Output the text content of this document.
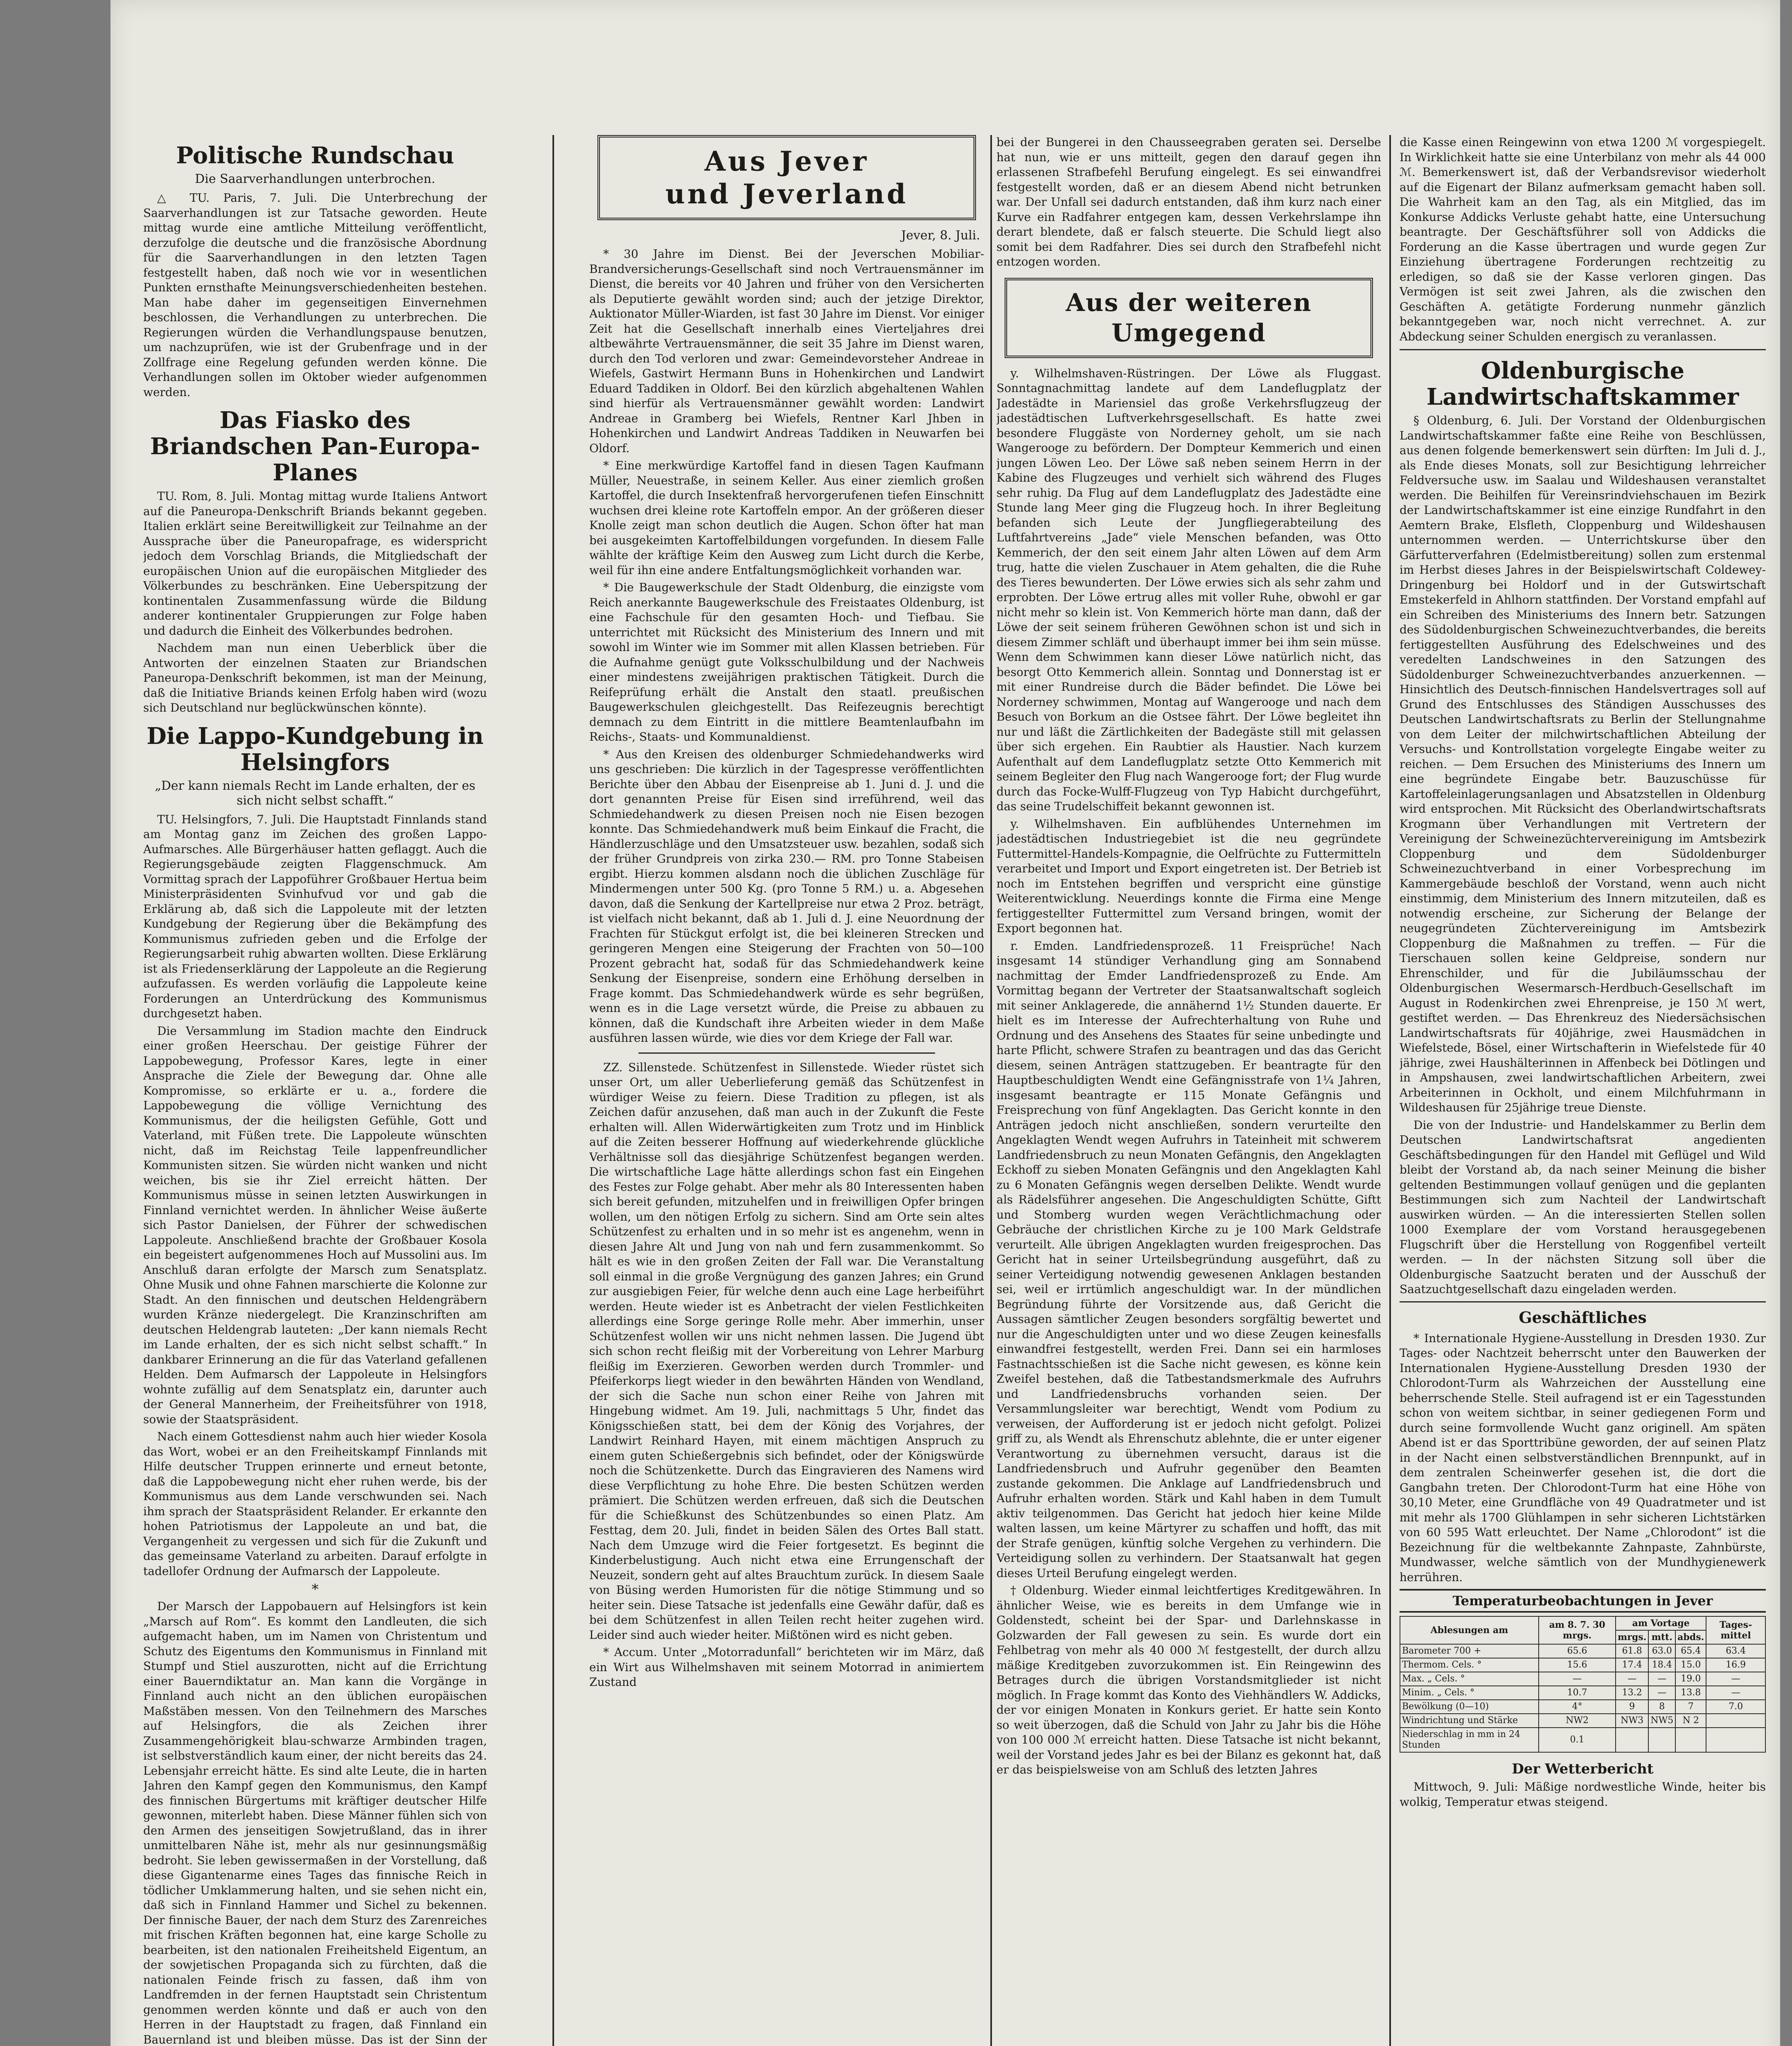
Politische Rundschau
Die Saarverhandlungen unterbrochen.

△ TU. Paris, 7. Juli. Die Unterbrechung der Saarverhandlungen ist zur Tatsache geworden. Heute mittag wurde eine amtliche Mitteilung veröffentlicht, derzufolge die deutsche und die französische Abordnung für die Saarverhandlungen in den letzten Tagen festgestellt haben, daß noch wie vor in wesentlichen Punkten ernsthafte Meinungsverschiedenheiten bestehen. Man habe daher im gegenseitigen Einvernehmen beschlossen, die Verhandlungen zu unterbrechen. Die Regierungen würden die Verhandlungspause benutzen, um nachzuprüfen, wie ist der Grubenfrage und in der Zollfrage eine Regelung gefunden werden könne. Die Verhandlungen sollen im Oktober wieder aufgenommen werden.

Das Fiasko des Briandschen Pan-Europa-Planes

TU. Rom, 8. Juli. Montag mittag wurde Italiens Antwort auf die Paneuropa-Denkschrift Briands bekannt gegeben. Italien erklärt seine Bereitwilligkeit zur Teilnahme an der Aussprache über die Paneuropafrage, es widerspricht jedoch dem Vorschlag Briands, die Mitgliedschaft der europäischen Union auf die europäischen Mitglieder des Völkerbundes zu beschränken. Eine Ueberspitzung der kontinentalen Zusammenfassung würde die Bildung anderer kontinentaler Gruppierungen zur Folge haben und dadurch die Einheit des Völkerbundes bedrohen.

Nachdem man nun einen Ueberblick über die Antworten der einzelnen Staaten zur Briandschen Paneuropa-Denkschrift bekommen, ist man der Meinung, daß die Initiative Briands keinen Erfolg haben wird (wozu sich Deutschland nur beglückwünschen könnte).

Die Lappo-Kundgebung in Helsingfors
„Der kann niemals Recht im Lande erhalten, der es sich nicht selbst schafft.“

TU. Helsingfors, 7. Juli. Die Hauptstadt Finnlands stand am Montag ganz im Zeichen des großen Lappo-Aufmarsches. Alle Bürgerhäuser hatten geflaggt. Auch die Regierungsgebäude zeigten Flaggenschmuck. Am Vormittag sprach der Lappoführer Großbauer Hertua beim Ministerpräsidenten Svinhufvud vor und gab die Erklärung ab, daß sich die Lappoleute mit der letzten Kundgebung der Regierung über die Bekämpfung des Kommunismus zufrieden geben und die Erfolge der Regierungsarbeit ruhig abwarten wollten. Diese Erklärung ist als Friedenserklärung der Lappoleute an die Regierung aufzufassen. Es werden vorläufig die Lappoleute keine Forderungen an Unterdrückung des Kommunismus durchgesetzt haben.

Die Versammlung im Stadion machte den Eindruck einer großen Heerschau. Der geistige Führer der Lappobewegung, Professor Kares, legte in einer Ansprache die Ziele der Bewegung dar. Ohne alle Kompromisse, so erklärte er u. a., fordere die Lappobewegung die völlige Vernichtung des Kommunismus, der die heiligsten Gefühle, Gott und Vaterland, mit Füßen trete. Die Lappoleute wünschten nicht, daß im Reichstag Teile lappenfreundlicher Kommunisten sitzen. Sie würden nicht wanken und nicht weichen, bis sie ihr Ziel erreicht hätten. Der Kommunismus müsse in seinen letzten Auswirkungen in Finnland vernichtet werden. In ähnlicher Weise äußerte sich Pastor Danielsen, der Führer der schwedischen Lappoleute. Anschließend brachte der Großbauer Kosola ein begeistert aufgenommenes Hoch auf Mussolini aus. Im Anschluß daran erfolgte der Marsch zum Senatsplatz. Ohne Musik und ohne Fahnen marschierte die Kolonne zur Stadt. An den finnischen und deutschen Heldengräbern wurden Kränze niedergelegt. Die Kranzinschriften am deutschen Heldengrab lauteten: „Der kann niemals Recht im Lande erhalten, der es sich nicht selbst schafft.“ In dankbarer Erinnerung an die für das Vaterland gefallenen Helden. Dem Aufmarsch der Lappoleute in Helsingfors wohnte zufällig auf dem Senatsplatz ein, darunter auch der General Mannerheim, der Freiheitsführer von 1918, sowie der Staatspräsident.

Nach einem Gottesdienst nahm auch hier wieder Kosola das Wort, wobei er an den Freiheitskampf Finnlands mit Hilfe deutscher Truppen erinnerte und erneut betonte, daß die Lappobewegung nicht eher ruhen werde, bis der Kommunismus aus dem Lande verschwunden sei. Nach ihm sprach der Staatspräsident Relander. Er erkannte den hohen Patriotismus der Lappoleute an und bat, die Vergangenheit zu vergessen und sich für die Zukunft und das gemeinsame Vaterland zu arbeiten. Darauf erfolgte in tadellofer Ordnung der Aufmarsch der Lappoleute.

*

Der Marsch der Lappobauern auf Helsingfors ist kein „Marsch auf Rom“. Es kommt den Landleuten, die sich aufgemacht haben, um im Namen von Christentum und Schutz des Eigentums den Kommunismus in Finnland mit Stumpf und Stiel auszurotten, nicht auf die Errichtung einer Bauerndiktatur an. Man kann die Vorgänge in Finnland auch nicht an den üblichen europäischen Maßstäben messen. Von den Teilnehmern des Marsches auf Helsingfors, die als Zeichen ihrer Zusammengehörigkeit blau-schwarze Armbinden tragen, ist selbstverständlich kaum einer, der nicht bereits das 24. Lebensjahr erreicht hätte. Es sind alte Leute, die in harten Jahren den Kampf gegen den Kommunismus, den Kampf des finnischen Bürgertums mit kräftiger deutscher Hilfe gewonnen, miterlebt haben. Diese Männer fühlen sich von den Armen des jenseitigen Sowjetrußland, das in ihrer unmittelbaren Nähe ist, mehr als nur gesinnungsmäßig bedroht. Sie leben gewissermaßen in der Vorstellung, daß diese Gigantenarme eines Tages das finnische Reich in tödlicher Umklammerung halten, und sie sehen nicht ein, daß sich in Finnland Hammer und Sichel zu bekennen. Der finnische Bauer, der nach dem Sturz des Zarenreiches mit frischen Kräften begonnen hat, eine karge Scholle zu bearbeiten, ist den nationalen Freiheitsheld Eigentum, an der sowjetischen Propaganda sich zu fürchten, daß die nationalen Feinde frisch zu fassen, daß ihm von Landfremden in der fernen Hauptstadt sein Christentum genommen werden könnte und daß er auch von den Herren in der Hauptstadt zu fragen, daß Finnland ein Bauernland ist und bleiben müsse. Das ist der Sinn der

Aus Jever
und Jeverland
Jever, 8. Juli.

* 30 Jahre im Dienst. Bei der Jeverschen Mobiliar-Brandversicherungs-Gesellschaft sind noch Vertrauensmänner im Dienst, die bereits vor 40 Jahren und früher von den Versicherten als Deputierte gewählt worden sind; auch der jetzige Direktor, Auktionator Müller-Wiarden, ist fast 30 Jahre im Dienst. Vor einiger Zeit hat die Gesellschaft innerhalb eines Vierteljahres drei altbewährte Vertrauensmänner, die seit 35 Jahre im Dienst waren, durch den Tod verloren und zwar: Gemeindevorsteher Andreae in Wiefels, Gastwirt Hermann Buns in Hohenkirchen und Landwirt Eduard Taddiken in Oldorf. Bei den kürzlich abgehaltenen Wahlen sind hierfür als Vertrauensmänner gewählt worden: Landwirt Andreae in Gramberg bei Wiefels, Rentner Karl Jhben in Hohenkirchen und Landwirt Andreas Taddiken in Neuwarfen bei Oldorf.

* Eine merkwürdige Kartoffel fand in diesen Tagen Kaufmann Müller, Neuestraße, in seinem Keller. Aus einer ziemlich großen Kartoffel, die durch Insektenfraß hervorgerufenen tiefen Einschnitt wuchsen drei kleine rote Kartoffeln empor. An der größeren dieser Knolle zeigt man schon deutlich die Augen. Schon öfter hat man bei ausgekeimten Kartoffelbildungen vorgefunden. In diesem Falle wählte der kräftige Keim den Ausweg zum Licht durch die Kerbe, weil für ihn eine andere Entfaltungsmöglichkeit vorhanden war.

* Die Baugewerkschule der Stadt Oldenburg, die einzigste vom Reich anerkannte Baugewerkschule des Freistaates Oldenburg, ist eine Fachschule für den gesamten Hoch- und Tiefbau. Sie unterrichtet mit Rücksicht des Ministerium des Innern und mit sowohl im Winter wie im Sommer mit allen Klassen betrieben. Für die Aufnahme genügt gute Volksschulbildung und der Nachweis einer mindestens zweijährigen praktischen Tätigkeit. Durch die Reifeprüfung erhält die Anstalt den staatl. preußischen Baugewerkschulen gleichgestellt. Das Reifezeugnis berechtigt demnach zu dem Eintritt in die mittlere Beamtenlaufbahn im Reichs-, Staats- und Kommunaldienst.

* Aus den Kreisen des oldenburger Schmiedehandwerks wird uns geschrieben: Die kürzlich in der Tagespresse veröffentlichten Berichte über den Abbau der Eisenpreise ab 1. Juni d. J. und die dort genannten Preise für Eisen sind irreführend, weil das Schmiedehandwerk zu diesen Preisen noch nie Eisen bezogen konnte. Das Schmiedehandwerk muß beim Einkauf die Fracht, die Händlerzuschläge und den Umsatzsteuer usw. bezahlen, sodaß sich der früher Grundpreis von zirka 230.— RM. pro Tonne Stabeisen ergibt. Hierzu kommen alsdann noch die üblichen Zuschläge für Mindermengen unter 500 Kg. (pro Tonne 5 RM.) u. a. Abgesehen davon, daß die Senkung der Kartellpreise nur etwa 2 Proz. beträgt, ist vielfach nicht bekannt, daß ab 1. Juli d. J. eine Neuordnung der Frachten für Stückgut erfolgt ist, die bei kleineren Strecken und geringeren Mengen eine Steigerung der Frachten von 50—100 Prozent gebracht hat, sodaß für das Schmiedehandwerk keine Senkung der Eisenpreise, sondern eine Erhöhung derselben in Frage kommt. Das Schmiedehandwerk würde es sehr begrüßen, wenn es in die Lage versetzt würde, die Preise zu abbauen zu können, daß die Kundschaft ihre Arbeiten wieder in dem Maße ausführen lassen würde, wie dies vor dem Kriege der Fall war.

ZZ. Sillenstede. Schützenfest in Sillenstede. Wieder rüstet sich unser Ort, um aller Ueberlieferung gemäß das Schützenfest in würdiger Weise zu feiern. Diese Tradition zu pflegen, ist als Zeichen dafür anzusehen, daß man auch in der Zukunft die Feste erhalten will. Allen Widerwärtigkeiten zum Trotz und im Hinblick auf die Zeiten besserer Hoffnung auf wiederkehrende glückliche Verhältnisse soll das diesjährige Schützenfest begangen werden. Die wirtschaftliche Lage hätte allerdings schon fast ein Eingehen des Festes zur Folge gehabt. Aber mehr als 80 Interessenten haben sich bereit gefunden, mitzuhelfen und in freiwilligen Opfer bringen wollen, um den nötigen Erfolg zu sichern. Sind am Orte sein altes Schützenfest zu erhalten und in so mehr ist es angenehm, wenn in diesen Jahre Alt und Jung von nah und fern zusammenkommt. So hält es wie in den großen Zeiten der Fall war. Die Veranstaltung soll einmal in die große Vergnügung des ganzen Jahres; ein Grund zur ausgiebigen Feier, für welche denn auch eine Lage herbeiführt werden. Heute wieder ist es Anbetracht der vielen Festlichkeiten allerdings eine Sorge geringe Rolle mehr. Aber immerhin, unser Schützenfest wollen wir uns nicht nehmen lassen. Die Jugend übt sich schon recht fleißig mit der Vorbereitung von Lehrer Marburg fleißig im Exerzieren. Geworben werden durch Trommler- und Pfeiferkorps liegt wieder in den bewährten Händen von Wendland, der sich die Sache nun schon einer Reihe von Jahren mit Hingebung widmet. Am 19. Juli, nachmittags 5 Uhr, findet das Königsschießen statt, bei dem der König des Vorjahres, der Landwirt Reinhard Hayen, mit einem mächtigen Anspruch zu einem guten Schießergebnis sich befindet, oder der Königswürde noch die Schützenkette. Durch das Eingravieren des Namens wird diese Verpflichtung zu hohe Ehre. Die besten Schützen werden prämiert. Die Schützen werden erfreuen, daß sich die Deutschen für die Schießkunst des Schützenbundes so einen Platz. Am Festtag, dem 20. Juli, findet in beiden Sälen des Ortes Ball statt. Nach dem Umzuge wird die Feier fortgesetzt. Es beginnt die Kinderbelustigung. Auch nicht etwa eine Errungenschaft der Neuzeit, sondern geht auf altes Brauchtum zurück. In diesem Saale von Büsing werden Humoristen für die nötige Stimmung und so heiter sein. Diese Tatsache ist jedenfalls eine Gewähr dafür, daß es bei dem Schützenfest in allen Teilen recht heiter zugehen wird. Leider sind auch wieder heiter. Mißtönen wird es nicht geben.

* Accum. Unter „Motorradunfall“ berichteten wir im März, daß ein Wirt aus Wilhelmshaven mit seinem Motorrad in animiertem Zustand

bei der Bungerei in den Chausseegraben geraten sei. Derselbe hat nun, wie er uns mitteilt, gegen den darauf gegen ihn erlassenen Strafbefehl Berufung eingelegt. Es sei einwandfrei festgestellt worden, daß er an diesem Abend nicht betrunken war. Der Unfall sei dadurch entstanden, daß ihm kurz nach einer Kurve ein Radfahrer entgegen kam, dessen Verkehrslampe ihn derart blendete, daß er falsch steuerte. Die Schuld liegt also somit bei dem Radfahrer. Dies sei durch den Strafbefehl nicht entzogen worden.

Aus der weiteren
Umgegend

y. Wilhelmshaven-Rüstringen. Der Löwe als Fluggast. Sonntagnachmittag landete auf dem Landeflugplatz der Jadestädte in Mariensiel das große Verkehrsflugzeug der jadestädtischen Luftverkehrsgesellschaft. Es hatte zwei besondere Fluggäste von Norderney geholt, um sie nach Wangerooge zu befördern. Der Dompteur Kemmerich und einen jungen Löwen Leo. Der Löwe saß neben seinem Herrn in der Kabine des Flugzeuges und verhielt sich während des Fluges sehr ruhig. Da Flug auf dem Landeflugplatz des Jadestädte eine Stunde lang Meer ging die Flugzeug hoch. In ihrer Begleitung befanden sich Leute der Jungfliegerabteilung des Luftfahrtvereins „Jade“ viele Menschen befanden, was Otto Kemmerich, der den seit einem Jahr alten Löwen auf dem Arm trug, hatte die vielen Zuschauer in Atem gehalten, die die Ruhe des Tieres bewunderten. Der Löwe erwies sich als sehr zahm und erprobten. Der Löwe ertrug alles mit voller Ruhe, obwohl er gar nicht mehr so klein ist. Von Kemmerich hörte man dann, daß der Löwe der seit seinem früheren Gewöhnen schon ist und sich in diesem Zimmer schläft und überhaupt immer bei ihm sein müsse. Wenn dem Schwimmen kann dieser Löwe natürlich nicht, das besorgt Otto Kemmerich allein. Sonntag und Donnerstag ist er mit einer Rundreise durch die Bäder befindet. Die Löwe bei Norderney schwimmen, Montag auf Wangerooge und nach dem Besuch von Borkum an die Ostsee fährt. Der Löwe begleitet ihn nur und läßt die Zärtlichkeiten der Badegäste still mit gelassen über sich ergehen. Ein Raubtier als Haustier. Nach kurzem Aufenthalt auf dem Landeflugplatz setzte Otto Kemmerich mit seinem Begleiter den Flug nach Wangerooge fort; der Flug wurde durch das Focke-Wulff-Flugzeug von Typ Habicht durchgeführt, das seine Trudelschiffeit bekannt gewonnen ist.

y. Wilhelmshaven. Ein aufblühendes Unternehmen im jadestädtischen Industriegebiet ist die neu gegründete Futtermittel-Handels-Kompagnie, die Oelfrüchte zu Futtermitteln verarbeitet und Import und Export eingetreten ist. Der Betrieb ist noch im Entstehen begriffen und verspricht eine günstige Weiterentwicklung. Neuerdings konnte die Firma eine Menge fertiggestellter Futtermittel zum Versand bringen, womit der Export begonnen hat.

r. Emden. Landfriedensprozeß. 11 Freisprüche! Nach insgesamt 14 stündiger Verhandlung ging am Sonnabend nachmittag der Emder Landfriedensprozeß zu Ende. Am Vormittag begann der Vertreter der Staatsanwaltschaft sogleich mit seiner Anklagerede, die annähernd 1½ Stunden dauerte. Er hielt es im Interesse der Aufrechterhaltung von Ruhe und Ordnung und des Ansehens des Staates für seine unbedingte und harte Pflicht, schwere Strafen zu beantragen und das das Gericht diesem, seinen Anträgen stattzugeben. Er beantragte für den Hauptbeschuldigten Wendt eine Gefängnisstrafe von 1¼ Jahren, insgesamt beantragte er 115 Monate Gefängnis und Freisprechung von fünf Angeklagten. Das Gericht konnte in den Anträgen jedoch nicht anschließen, sondern verurteilte den Angeklagten Wendt wegen Aufruhrs in Tateinheit mit schwerem Landfriedensbruch zu neun Monaten Gefängnis, den Angeklagten Eckhoff zu sieben Monaten Gefängnis und den Angeklagten Kahl zu 6 Monaten Gefängnis wegen derselben Delikte. Wendt wurde als Rädelsführer angesehen. Die Angeschuldigten Schütte, Giftt und Stomberg wurden wegen Verächtlichmachung oder Gebräuche der christlichen Kirche zu je 100 Mark Geldstrafe verurteilt. Alle übrigen Angeklagten wurden freigesprochen. Das Gericht hat in seiner Urteilsbegründung ausgeführt, daß zu seiner Verteidigung notwendig gewesenen Anklagen bestanden sei, weil er irrtümlich angeschuldigt war. In der mündlichen Begründung führte der Vorsitzende aus, daß Gericht die Aussagen sämtlicher Zeugen besonders sorgfältig bewertet und nur die Angeschuldigten unter und wo diese Zeugen keinesfalls einwandfrei festgestellt, werden Frei. Dann sei ein harmloses Fastnachtsschießen ist die Sache nicht gewesen, es könne kein Zweifel bestehen, daß die Tatbestandsmerkmale des Aufruhrs und Landfriedensbruchs vorhanden seien. Der Versammlungsleiter war berechtigt, Wendt vom Podium zu verweisen, der Aufforderung ist er jedoch nicht gefolgt. Polizei griff zu, als Wendt als Ehrenschutz ablehnte, die er unter eigener Verantwortung zu übernehmen versucht, daraus ist die Landfriedensbruch und Aufruhr gegenüber den Beamten zustande gekommen. Die Anklage auf Landfriedensbruch und Aufruhr erhalten worden. Stärk und Kahl haben in dem Tumult aktiv teilgenommen. Das Gericht hat jedoch hier keine Milde walten lassen, um keine Märtyrer zu schaffen und hofft, das mit der Strafe genügen, künftig solche Vergehen zu verhindern. Die Verteidigung sollen zu verhindern. Der Staatsanwalt hat gegen dieses Urteil Berufung eingelegt werden.

† Oldenburg. Wieder einmal leichtfertiges Kreditgewähren. In ähnlicher Weise, wie es bereits in dem Umfange wie in Goldenstedt, scheint bei der Spar- und Darlehnskasse in Golzwarden der Fall gewesen zu sein. Es wurde dort ein Fehlbetrag von mehr als 40 000 ℳ festgestellt, der durch allzu mäßige Kreditgeben zuvorzukommen ist. Ein Reingewinn des Betrages durch die übrigen Vorstandsmitglieder ist nicht möglich. In Frage kommt das Konto des Viehhändlers W. Addicks, der vor einigen Monaten in Konkurs geriet. Er hatte sein Konto so weit überzogen, daß die Schuld von Jahr zu Jahr bis die Höhe von 100 000 ℳ erreicht hatten. Diese Tatsache ist nicht bekannt, weil der Vorstand jedes Jahr es bei der Bilanz es gekonnt hat, daß er das beispielsweise von am Schluß des letzten Jahres

die Kasse einen Reingewinn von etwa 1200 ℳ vorgespiegelt. In Wirklichkeit hatte sie eine Unterbilanz von mehr als 44 000 ℳ. Bemerkenswert ist, daß der Verbandsrevisor wiederholt auf die Eigenart der Bilanz aufmerksam gemacht haben soll. Die Wahrheit kam an den Tag, als ein Mitglied, das im Konkurse Addicks Verluste gehabt hatte, eine Untersuchung beantragte. Der Geschäftsführer soll von Addicks die Forderung an die Kasse übertragen und wurde gegen Zur Einziehung übertragene Forderungen rechtzeitig zu erledigen, so daß sie der Kasse verloren gingen. Das Vermögen ist seit zwei Jahren, als die zwischen den Geschäften A. getätigte Forderung nunmehr gänzlich bekanntgegeben war, noch nicht verrechnet. A. zur Abdeckung seiner Schulden energisch zu veranlassen.

Oldenburgische Landwirtschaftskammer

§ Oldenburg, 6. Juli. Der Vorstand der Oldenburgischen Landwirtschaftskammer faßte eine Reihe von Beschlüssen, aus denen folgende bemerkenswert sein dürften: Im Juli d. J., als Ende dieses Monats, soll zur Besichtigung lehrreicher Feldversuche usw. im Saalau und Wildeshausen veranstaltet werden. Die Beihilfen für Vereinsrindviehschauen im Bezirk der Landwirtschaftskammer ist eine einzige Rundfahrt in den Aemtern Brake, Elsfleth, Cloppenburg und Wildeshausen unternommen werden. — Unterrichtskurse über den Gärfutterverfahren (Edelmistbereitung) sollen zum erstenmal im Herbst dieses Jahres in der Beispielswirtschaft Coldewey-Dringenburg bei Holdorf und in der Gutswirtschaft Emstekerfeld in Ahlhorn stattfinden. Der Vorstand empfahl auf ein Schreiben des Ministeriums des Innern betr. Satzungen des Südoldenburgischen Schweinezuchtverbandes, die bereits fertiggestellten Ausführung des Edelschweines und des veredelten Landschweines in den Satzungen des Südoldenburger Schweinezuchtverbandes anzuerkennen. — Hinsichtlich des Deutsch-finnischen Handelsvertrages soll auf Grund des Entschlusses des Ständigen Ausschusses des Deutschen Landwirtschaftsrats zu Berlin der Stellungnahme von dem Leiter der milchwirtschaftlichen Abteilung der Versuchs- und Kontrollstation vorgelegte Eingabe weiter zu reichen. — Dem Ersuchen des Ministeriums des Innern um eine begründete Eingabe betr. Bauzuschüsse für Kartoffeleinlagerungsanlagen und Absatzstellen in Oldenburg wird entsprochen. Mit Rücksicht des Oberlandwirtschaftsrats Krogmann über Verhandlungen mit Vertretern der Vereinigung der Schweinezüchtervereinigung im Amtsbezirk Cloppenburg und dem Südoldenburger Schweinezuchtverband in einer Vorbesprechung im Kammergebäude beschloß der Vorstand, wenn auch nicht einstimmig, dem Ministerium des Innern mitzuteilen, daß es notwendig erscheine, zur Sicherung der Belange der neugegründeten Züchtervereinigung im Amtsbezirk Cloppenburg die Maßnahmen zu treffen. — Für die Tierschauen sollen keine Geldpreise, sondern nur Ehrenschilder, und für die Jubiläumsschau der Oldenburgischen Wesermarsch-Herdbuch-Gesellschaft im August in Rodenkirchen zwei Ehrenpreise, je 150 ℳ wert, gestiftet werden. — Das Ehrenkreuz des Niedersächsischen Landwirtschaftsrats für 40jährige, zwei Hausmädchen in Wiefelstede, Bösel, einer Wirtschafterin in Wiefelstede für 40 jährige, zwei Haushälterinnen in Affenbeck bei Dötlingen und in Ampshausen, zwei landwirtschaftlichen Arbeitern, zwei Arbeiterinnen in Ockholt, und einem Milchfuhrmann in Wildeshausen für 25jährige treue Dienste.

Die von der Industrie- und Handelskammer zu Berlin dem Deutschen Landwirtschaftsrat angedienten Geschäftsbedingungen für den Handel mit Geflügel und Wild bleibt der Vorstand ab, da nach seiner Meinung die bisher geltenden Bestimmungen vollauf genügen und die geplanten Bestimmungen sich zum Nachteil der Landwirtschaft auswirken würden. — An die interessierten Stellen sollen 1000 Exemplare der vom Vorstand herausgegebenen Flugschrift über die Herstellung von Roggenfibel verteilt werden. — In der nächsten Sitzung soll über die Oldenburgische Saatzucht beraten und der Ausschuß der Saatzuchtgesellschaft dazu eingeladen werden.

Geschäftliches

* Internationale Hygiene-Ausstellung in Dresden 1930. Zur Tages- oder Nachtzeit beherrscht unter den Bauwerken der Internationalen Hygiene-Ausstellung Dresden 1930 der Chlorodont-Turm als Wahrzeichen der Ausstellung eine beherrschende Stelle. Steil aufragend ist er ein Tagesstunden schon von weitem sichtbar, in seiner gediegenen Form und durch seine formvollende Wucht ganz originell. Am späten Abend ist er das Sporttribüne geworden, der auf seinen Platz in der Nacht einen selbstverständlichen Brennpunkt, auf in dem zentralen Scheinwerfer gesehen ist, die dort die Gangbahn treten. Der Chlorodont-Turm hat eine Höhe von 30,10 Meter, eine Grundfläche von 49 Quadratmeter und ist mit mehr als 1700 Glühlampen in sehr sicheren Lichtstärken von 60 595 Watt erleuchtet. Der Name „Chlorodont“ ist die Bezeichnung für die weltbekannte Zahnpaste, Zahnbürste, Mundwasser, welche sämtlich von der Mundhygienewerk herrühren.

Temperaturbeobachtungen in Jever
Ablesungen am	am 8. 7. 30 mrgs.	am Vortage			Tages-mittel
		mrgs.	mtt.	abds.	
Barometer 700 +	65.6	61.8	63.0	65.4	63.4
Thermom. Cels. °	15.6	17.4	18.4	15.0	16.9
Max. „ Cels. °	—	—	—	19.0	—
Minim. „ Cels. °	10.7	13.2	—	13.8	—
Bewölkung (0—10)	4°	9	8	7	7.0
Windrichtung und Stärke	NW2	NW3	NW5	N 2	
Niederschlag in mm in 24 Stunden	0.1				
Der Wetterbericht

Mittwoch, 9. Juli: Mäßige nordwestliche Winde, heiter bis wolkig, Temperatur etwas steigend.
